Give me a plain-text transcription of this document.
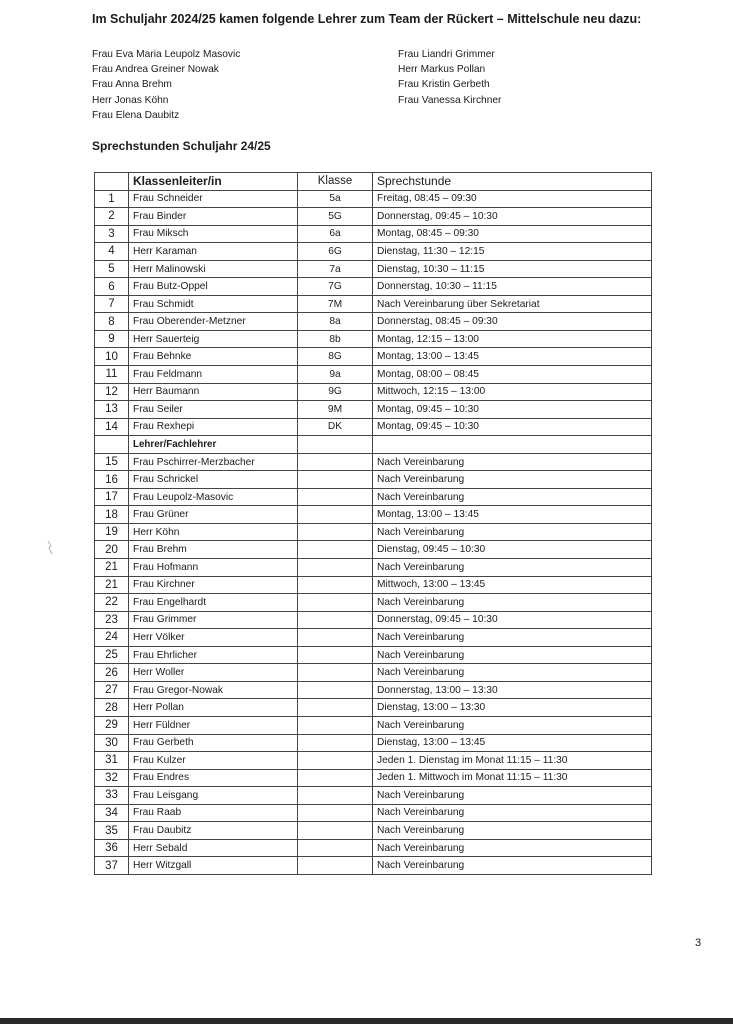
Im Schuljahr 2024/25 kamen folgende Lehrer zum Team der Rückert – Mittelschule neu dazu:
Frau Eva Maria Leupolz Masovic
Frau Andrea Greiner Nowak
Frau Anna Brehm
Herr Jonas Köhn
Frau Elena Daubitz
Frau Liandri Grimmer
Herr Markus Pollan
Frau Kristin Gerbeth
Frau Vanessa Kirchner
Sprechstunden Schuljahr 24/25
	Klassenleiter/in	Klasse	Sprechstunde
1	Frau Schneider	5a	Freitag, 08:45 – 09:30
2	Frau Binder	5G	Donnerstag, 09:45 – 10:30
3	Frau Miksch	6a	Montag, 08:45 – 09:30
4	Herr Karaman	6G	Dienstag, 11:30 – 12:15
5	Herr Malinowski	7a	Dienstag, 10:30 – 11:15
6	Frau Butz-Oppel	7G	Donnerstag, 10:30 – 11:15
7	Frau Schmidt	7M	Nach Vereinbarung über Sekretariat
8	Frau Oberender-Metzner	8a	Donnerstag, 08:45 – 09:30
9	Herr Sauerteig	8b	Montag, 12:15 – 13:00
10	Frau Behnke	8G	Montag, 13:00 – 13:45
11	Frau Feldmann	9a	Montag, 08:00 – 08:45
12	Herr Baumann	9G	Mittwoch, 12:15 – 13:00
13	Frau Seiler	9M	Montag, 09:45 – 10:30
14	Frau Rexhepi	DK	Montag, 09:45 – 10:30
	Lehrer/Fachlehrer		
15	Frau Pschirrer-Merzbacher		Nach Vereinbarung
16	Frau Schrickel		Nach Vereinbarung
17	Frau Leupolz-Masovic		Nach Vereinbarung
18	Frau Grüner		Montag, 13:00 – 13:45
19	Herr Köhn		Nach Vereinbarung
20	Frau Brehm		Dienstag, 09:45 – 10:30
21	Frau Hofmann		Nach Vereinbarung
21	Frau Kirchner		Mittwoch, 13:00 – 13:45
22	Frau Engelhardt		Nach Vereinbarung
23	Frau Grimmer		Donnerstag, 09:45 – 10:30
24	Herr Völker		Nach Vereinbarung
25	Frau Ehrlicher		Nach Vereinbarung
26	Herr Woller		Nach Vereinbarung
27	Frau Gregor-Nowak		Donnerstag, 13:00 – 13:30
28	Herr Pollan		Dienstag, 13:00 – 13:30
29	Herr Füldner		Nach Vereinbarung
30	Frau Gerbeth		Dienstag, 13:00 – 13:45
31	Frau Kulzer		Jeden 1. Dienstag im Monat 11:15 – 11:30
32	Frau Endres		Jeden 1. Mittwoch im Monat 11:15 – 11:30
33	Frau Leisgang		Nach Vereinbarung
34	Frau Raab		Nach Vereinbarung
35	Frau Daubitz		Nach Vereinbarung
36	Herr Sebald		Nach Vereinbarung
37	Herr Witzgall		Nach Vereinbarung
3
